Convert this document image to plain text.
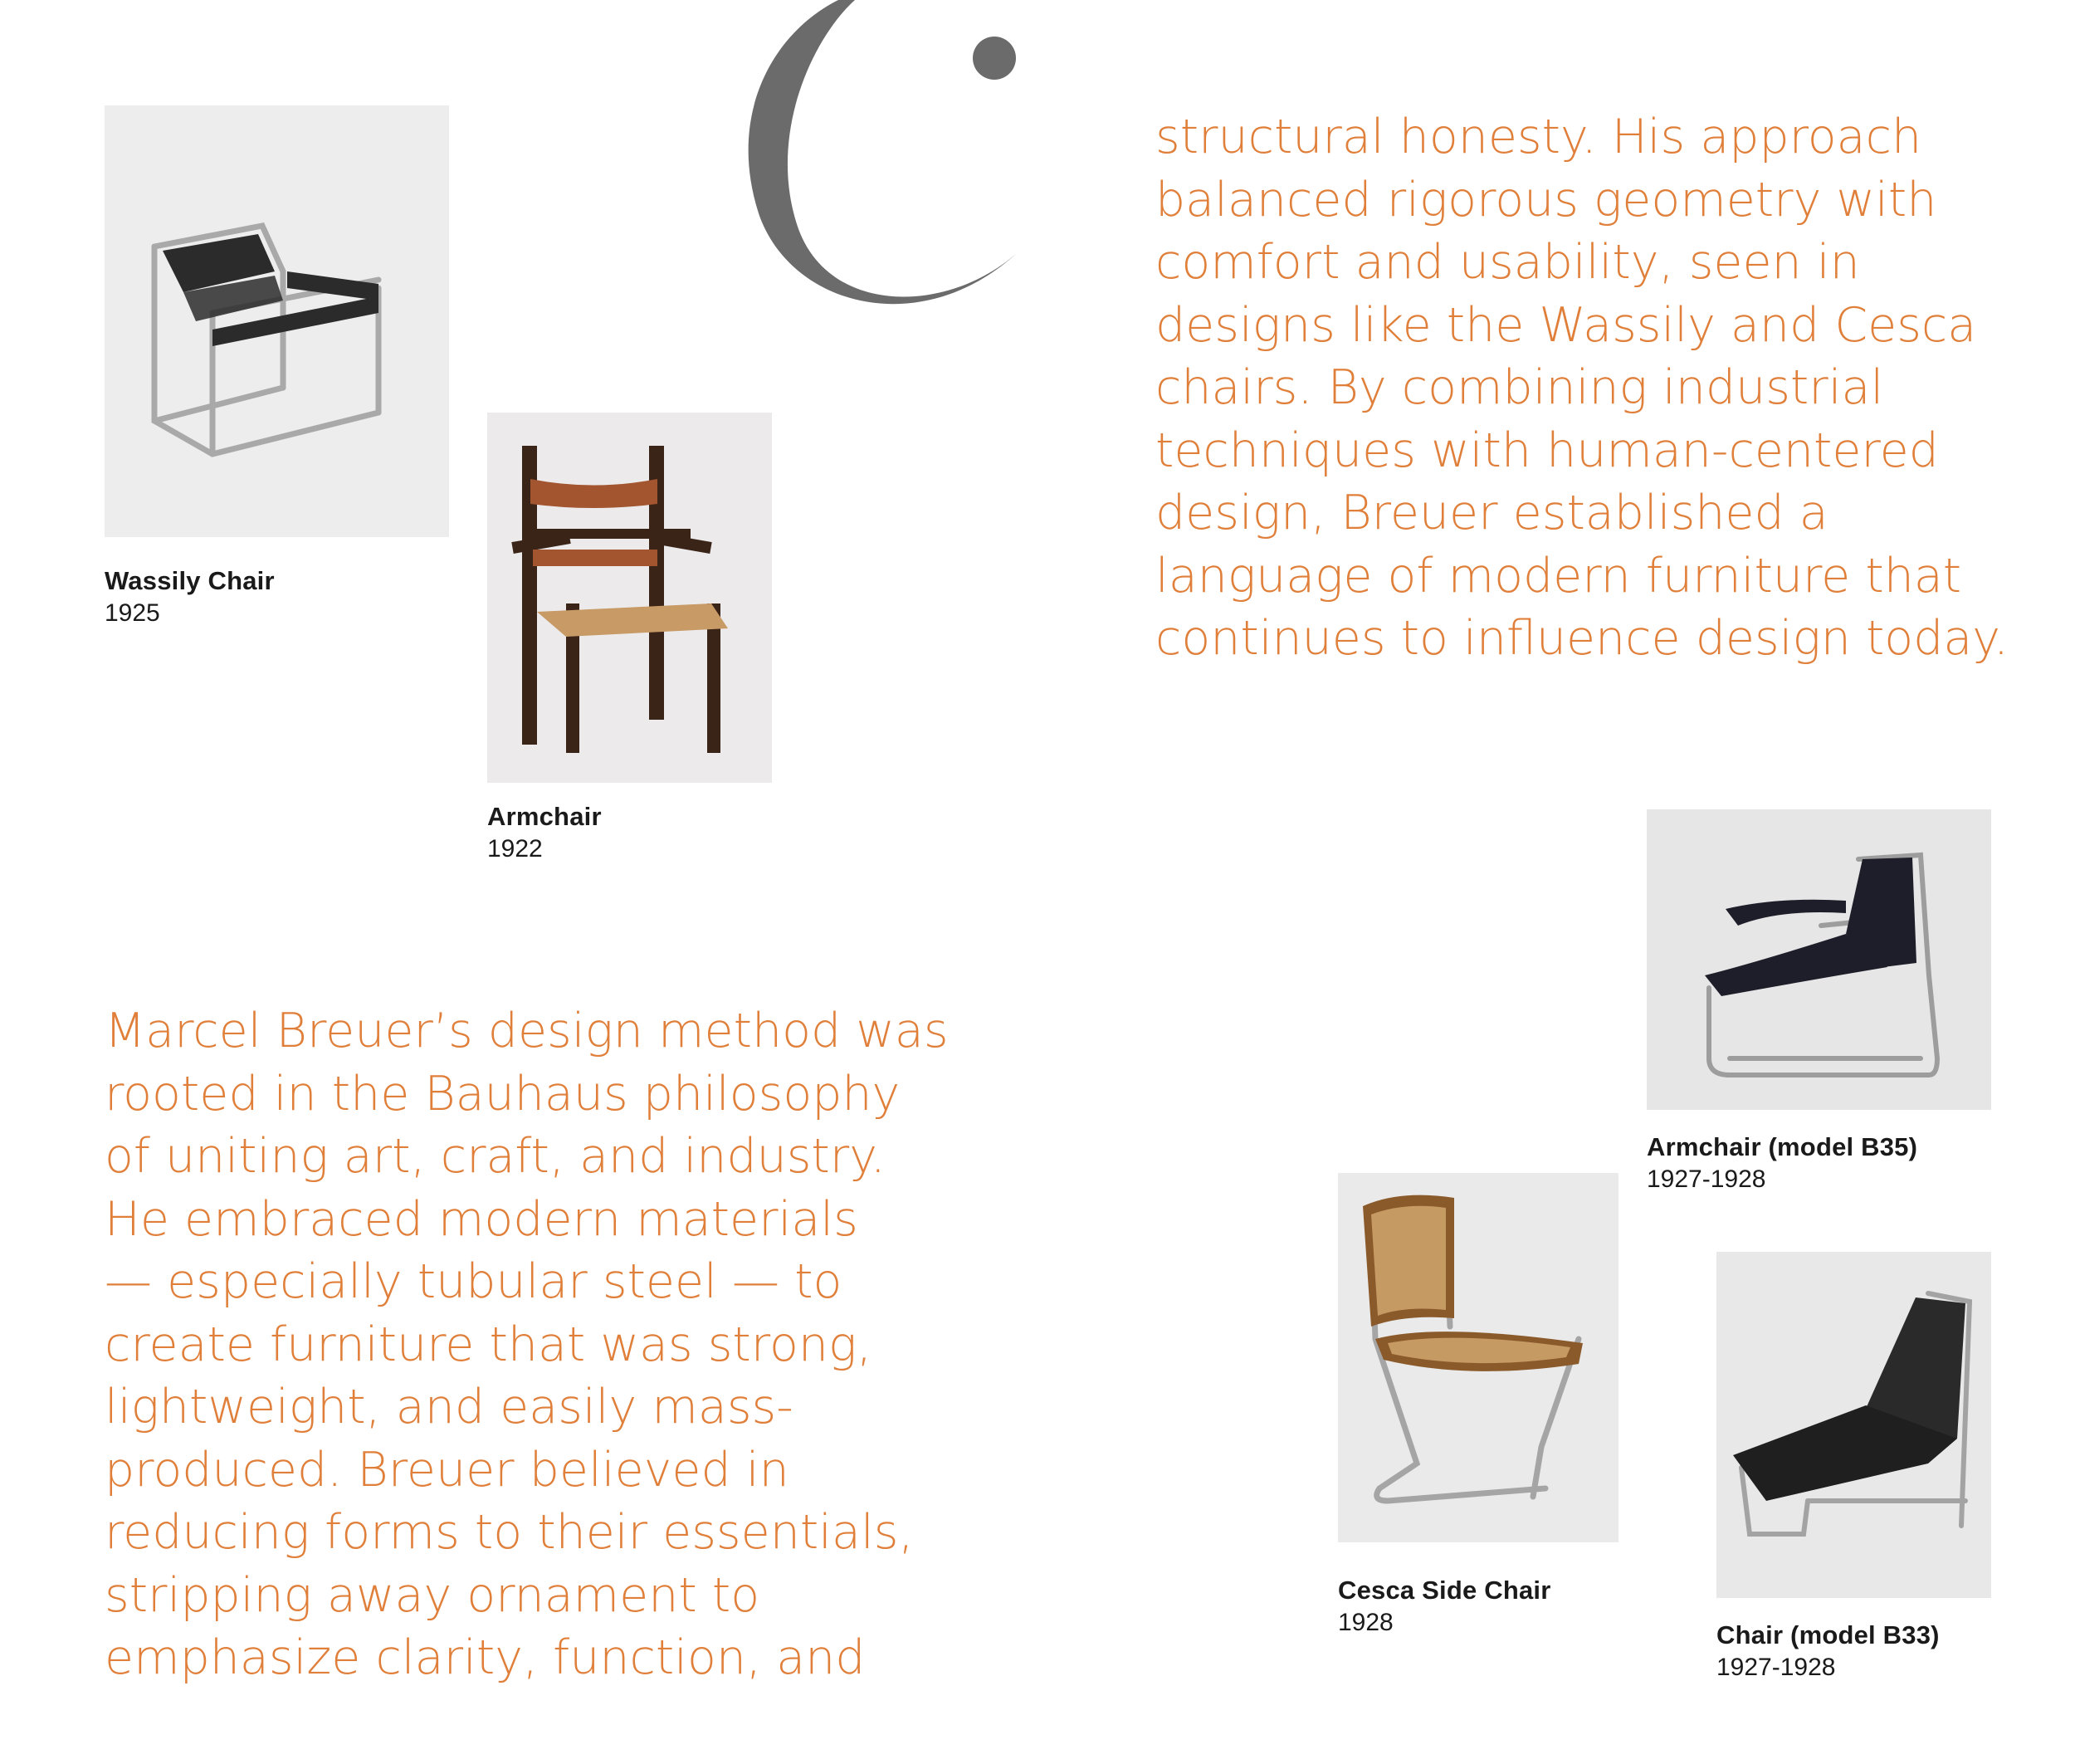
Wassily Chair
1925
Armchair
1922
structural honesty. His approach
balanced rigorous geometry with
comfort and usability, seen in
designs like the Wassily and Cesca
chairs. By combining industrial
techniques with human-centered
design, Breuer established a
language of modern furniture that
continues to influence design today.
Marcel Breuer’s design method was
rooted in the Bauhaus philosophy
of uniting art, craft, and industry.
He embraced modern materials
— especially tubular steel — to
create furniture that was strong,
lightweight, and easily mass-
produced. Breuer believed in
reducing forms to their essentials,
stripping away ornament to
emphasize clarity, function, and
Armchair (model B35)
1927-1928
Cesca Side Chair
1928	Chair (model B33)
1927-1928
